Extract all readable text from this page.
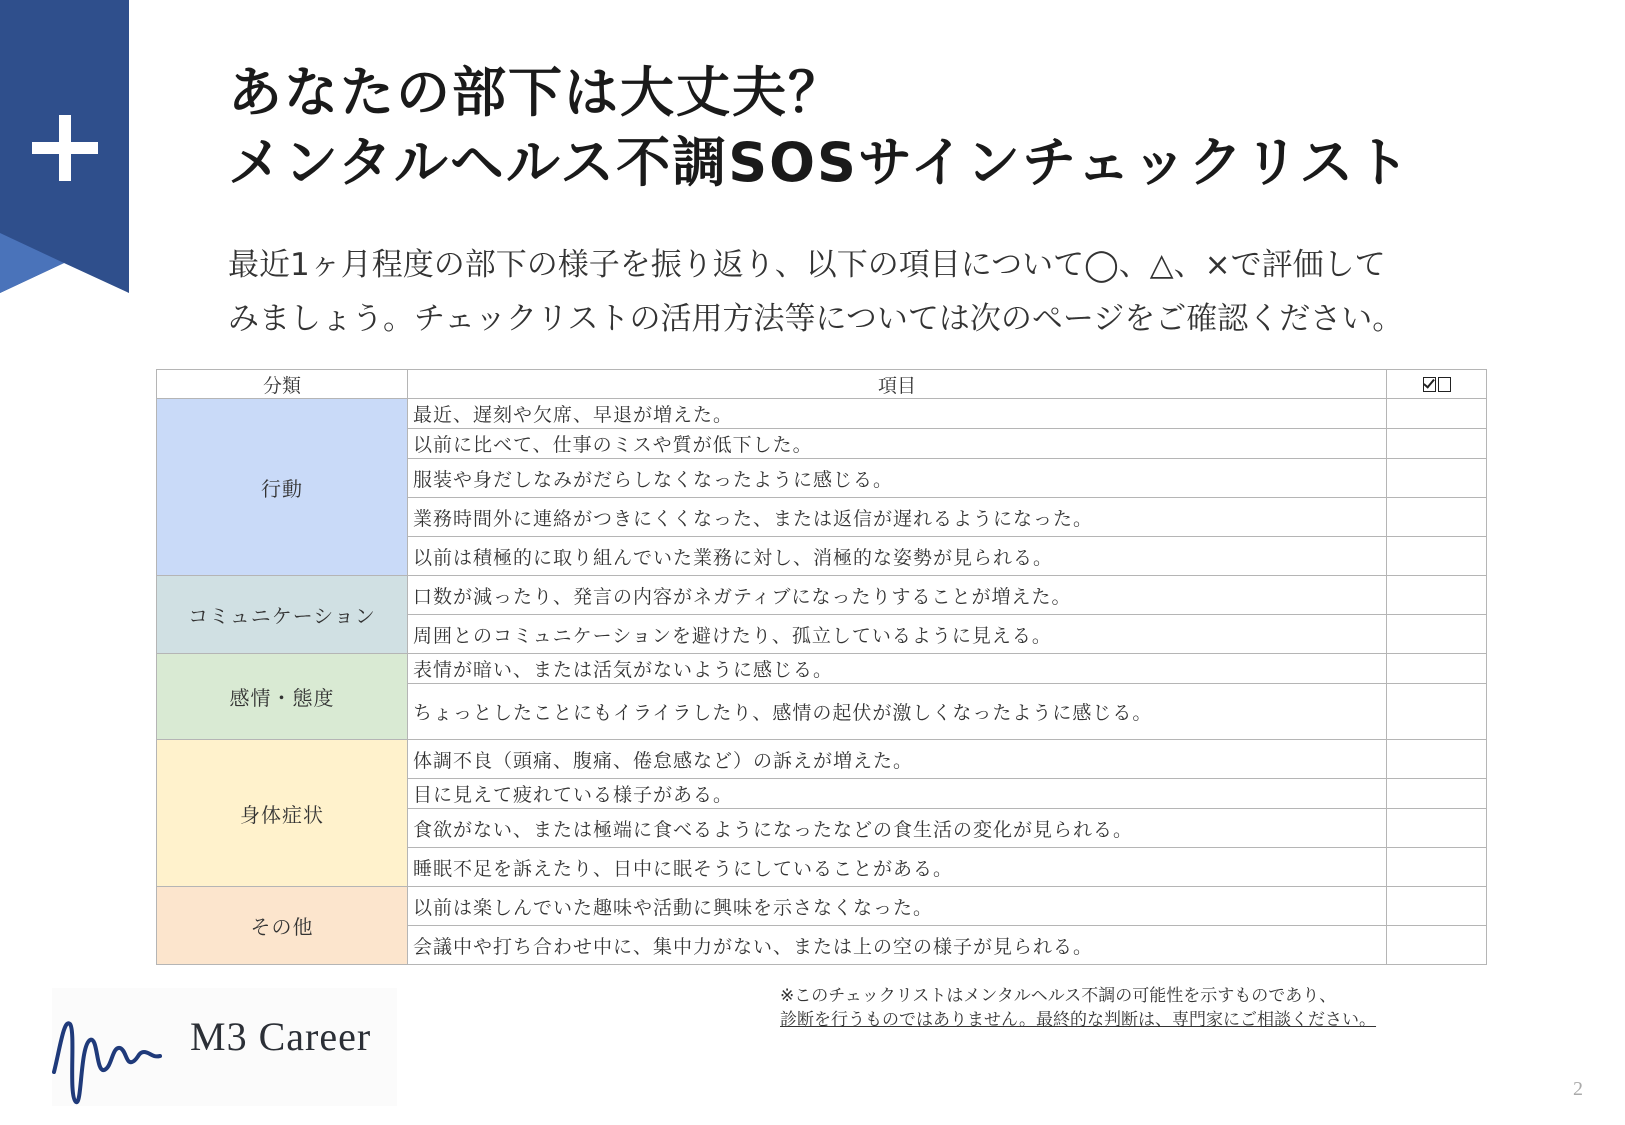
あなたの部下は大丈夫？
メンタルヘルス不調SOSサインチェックリスト

最近1ヶ月程度の部下の様子を振り返り、以下の項目について◯、△、×で評価して
みましょう。チェックリストの活用方法等については次のページをご確認ください。

分類	項目	
行動	最近、遅刻や欠席、早退が増えた。	
	以前に比べて、仕事のミスや質が低下した。	
	服装や身だしなみがだらしなくなったように感じる。	
	業務時間外に連絡がつきにくくなった、または返信が遅れるようになった。	
	以前は積極的に取り組んでいた業務に対し、消極的な姿勢が見られる。	
コミュニケーション	口数が減ったり、発言の内容がネガティブになったりすることが増えた。	
	周囲とのコミュニケーションを避けたり、孤立しているように見える。	
感情・態度	表情が暗い、または活気がないように感じる。	
	ちょっとしたことにもイライラしたり、感情の起伏が激しくなったように感じる。	
身体症状	体調不良（頭痛、腹痛、倦怠感など）の訴えが増えた。	
	目に見えて疲れている様子がある。	
	食欲がない、または極端に食べるようになったなどの食生活の変化が見られる。	
	睡眠不足を訴えたり、日中に眠そうにしていることがある。	
その他	以前は楽しんでいた趣味や活動に興味を示さなくなった。	
	会議中や打ち合わせ中に、集中力がない、または上の空の様子が見られる。	

※このチェックリストはメンタルヘルス不調の可能性を示すものであり、
診断を行うものではありません。最終的な判断は、専門家にご相談ください。

M3 Career
2
